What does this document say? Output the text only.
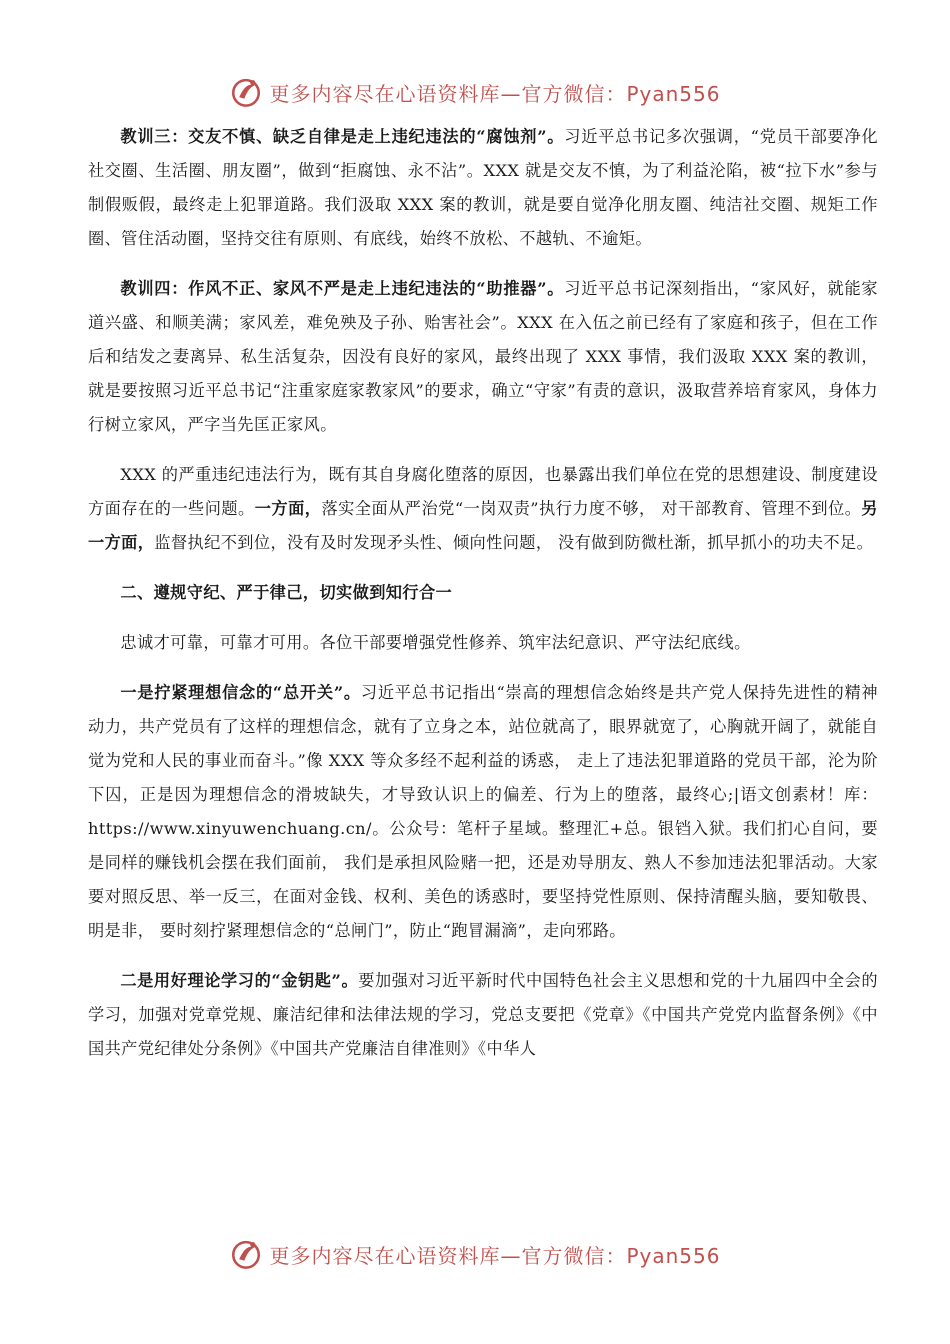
更多内容尽在心语资料库—官方微信：Pyan556

教训三：交友不慎、缺乏自律是走上违纪违法的“腐蚀剂”。习近平总书记多次强调，“党员干部要净化社交圈、生活圈、朋友圈”，做到“拒腐蚀、永不沾”。XXX 就是交友不慎，为了利益沦陷，被“拉下水”参与制假贩假，最终走上犯罪道路。我们汲取 XXX 案的教训，就是要自觉净化朋友圈、纯洁社交圈、规矩工作圈、管住活动圈，坚持交往有原则、有底线，始终不放松、不越轨、不逾矩。

教训四：作风不正、家风不严是走上违纪违法的“助推器”。习近平总书记深刻指出，“家风好，就能家道兴盛、和顺美满；家风差，难免殃及子孙、贻害社会”。XXX 在入伍之前已经有了家庭和孩子，但在工作后和结发之妻离异、私生活复杂，因没有良好的家风，最终出现了 XXX 事情，我们汲取 XXX 案的教训，就是要按照习近平总书记“注重家庭家教家风”的要求，确立“守家”有责的意识，汲取营养培育家风，身体力行树立家风，严字当先匡正家风。

XXX 的严重违纪违法行为，既有其自身腐化堕落的原因，也暴露出我们单位在党的思想建设、制度建设方面存在的一些问题。一方面，落实全面从严治党“一岗双责”执行力度不够， 对干部教育、管理不到位。另一方面，监督执纪不到位，没有及时发现矛头性、倾向性问题， 没有做到防微杜渐，抓早抓小的功夫不足。

二、遵规守纪、严于律己，切实做到知行合一

忠诚才可靠，可靠才可用。各位干部要增强党性修养、筑牢法纪意识、严守法纪底线。

一是拧紧理想信念的“总开关”。习近平总书记指出“崇高的理想信念始终是共产党人保持先进性的精神动力，共产党员有了这样的理想信念，就有了立身之本，站位就高了，眼界就宽了，心胸就开阔了，就能自觉为党和人民的事业而奋斗。”像 XXX 等众多经不起利益的诱惑， 走上了违法犯罪道路的党员干部，沦为阶下囚，正是因为理想信念的滑坡缺失，才导致认识上的偏差、行为上的堕落，最终心;|语文创素材！库：https://www.xinyuwenchuang.cn/。公众号：笔杆子星域。整理汇+总。银铛入狱。我们扪心自问，要是同样的赚钱机会摆在我们面前， 我们是承担风险赌一把，还是劝导朋友、熟人不参加违法犯罪活动。大家要对照反思、举一反三，在面对金钱、权利、美色的诱惑时，要坚持党性原则、保持清醒头脑，要知敬畏、明是非， 要时刻拧紧理想信念的“总闸门”，防止“跑冒漏滴”，走向邪路。

二是用好理论学习的“金钥匙”。要加强对习近平新时代中国特色社会主义思想和党的十九届四中全会的学习，加强对党章党规、廉洁纪律和法律法规的学习，党总支要把《党章》《中国共产党党内监督条例》《中国共产党纪律处分条例》《中国共产党廉洁自律准则》《中华人

更多内容尽在心语资料库—官方微信：Pyan556
